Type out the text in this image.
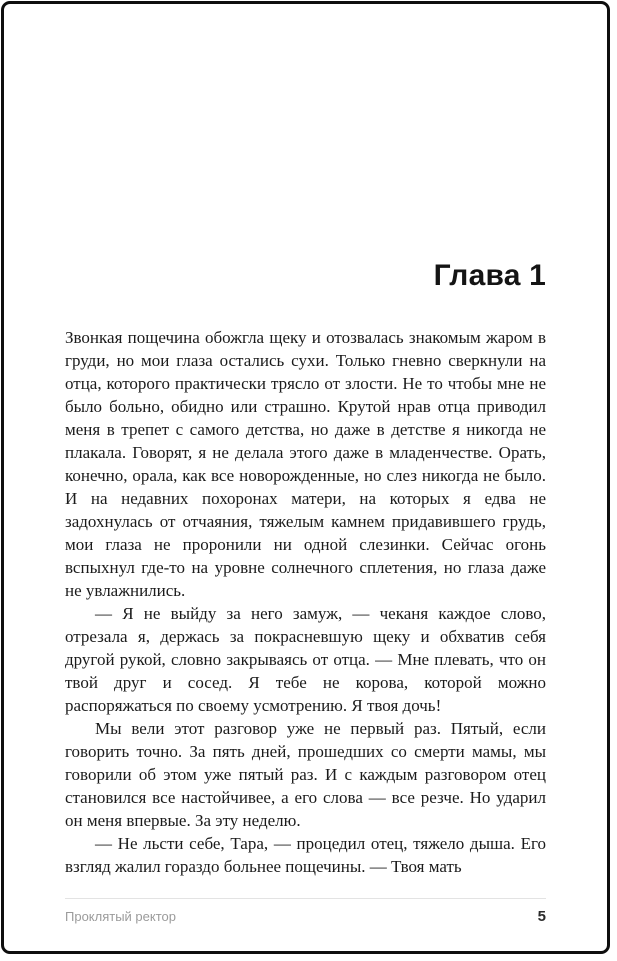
Глава 1

Звонкая пощечина обожгла щеку и отозвалась знакомым жаром в груди, но мои глаза остались сухи. Только гневно сверкнули на отца, которого практически трясло от злости. Не то чтобы мне не было больно, обидно или страшно. Крутой нрав отца приводил меня в трепет с самого детства, но даже в детстве я никогда не плакала. Говорят, я не делала этого даже в младенчестве. Орать, конечно, орала, как все новорожденные, но слез никогда не было. И на недавних похоронах матери, на которых я едва не задохнулась от отчаяния, тяжелым камнем придавившего грудь, мои глаза не проронили ни одной слезинки. Сейчас огонь вспыхнул где-то на уровне солнечного сплетения, но глаза даже не увлажнились.

— Я не выйду за него замуж, — чеканя каждое слово, отрезала я, держась за покрасневшую щеку и обхватив себя другой рукой, словно закрываясь от отца. — Мне плевать, что он твой друг и сосед. Я тебе не корова, которой можно распоряжаться по своему усмотрению. Я твоя дочь!

Мы вели этот разговор уже не первый раз. Пятый, если говорить точно. За пять дней, прошедших со смерти мамы, мы говорили об этом уже пятый раз. И с каждым разговором отец становился все настойчивее, а его слова — все резче. Но ударил он меня впервые. За эту неделю.

— Не льсти себе, Тара, — процедил отец, тяжело дыша. Его взгляд жалил гораздо больнее пощечины. — Твоя мать

Проклятый ректор	5
